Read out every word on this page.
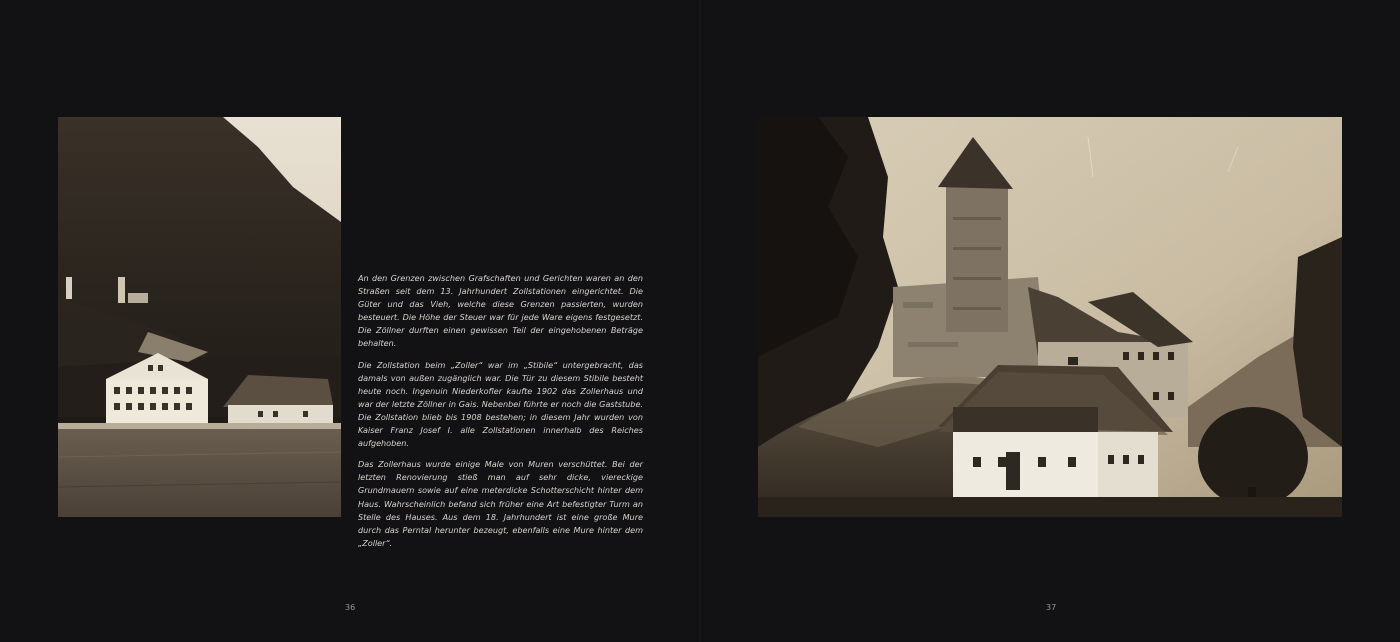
An den Grenzen zwischen Grafschaften und Gerichten waren an den Straßen seit dem 13. Jahrhundert Zollstationen eingerichtet. Die Güter und das Vieh, welche diese Grenzen passierten, wurden besteuert. Die Höhe der Steuer war für jede Ware eigens festgesetzt. Die Zöllner durften einen gewissen Teil der eingehobenen Beträge behalten.

Die Zollstation beim „Zoller“ war im „Stibile“ untergebracht, das damals von außen zugänglich war. Die Tür zu diesem Stibile besteht heute noch. Ingenuin Niederkofler kaufte 1902 das Zollerhaus und war der letzte Zöllner in Gais. Nebenbei führte er noch die Gaststube. Die Zollstation blieb bis 1908 bestehen; in diesem Jahr wurden von Kaiser Franz Josef I. alle Zollstationen innerhalb des Reiches aufgehoben.

Das Zollerhaus wurde einige Male von Muren verschüttet. Bei der letzten Renovierung stieß man auf sehr dicke, viereckige Grundmauern sowie auf eine meterdicke Schotterschicht hinter dem Haus. Wahrscheinlich befand sich früher eine Art befestigter Turm an Stelle des Hauses. Aus dem 18. Jahrhundert ist eine große Mure durch das Perntal herunter bezeugt, ebenfalls eine Mure hinter dem „Zoller“.

36	37
